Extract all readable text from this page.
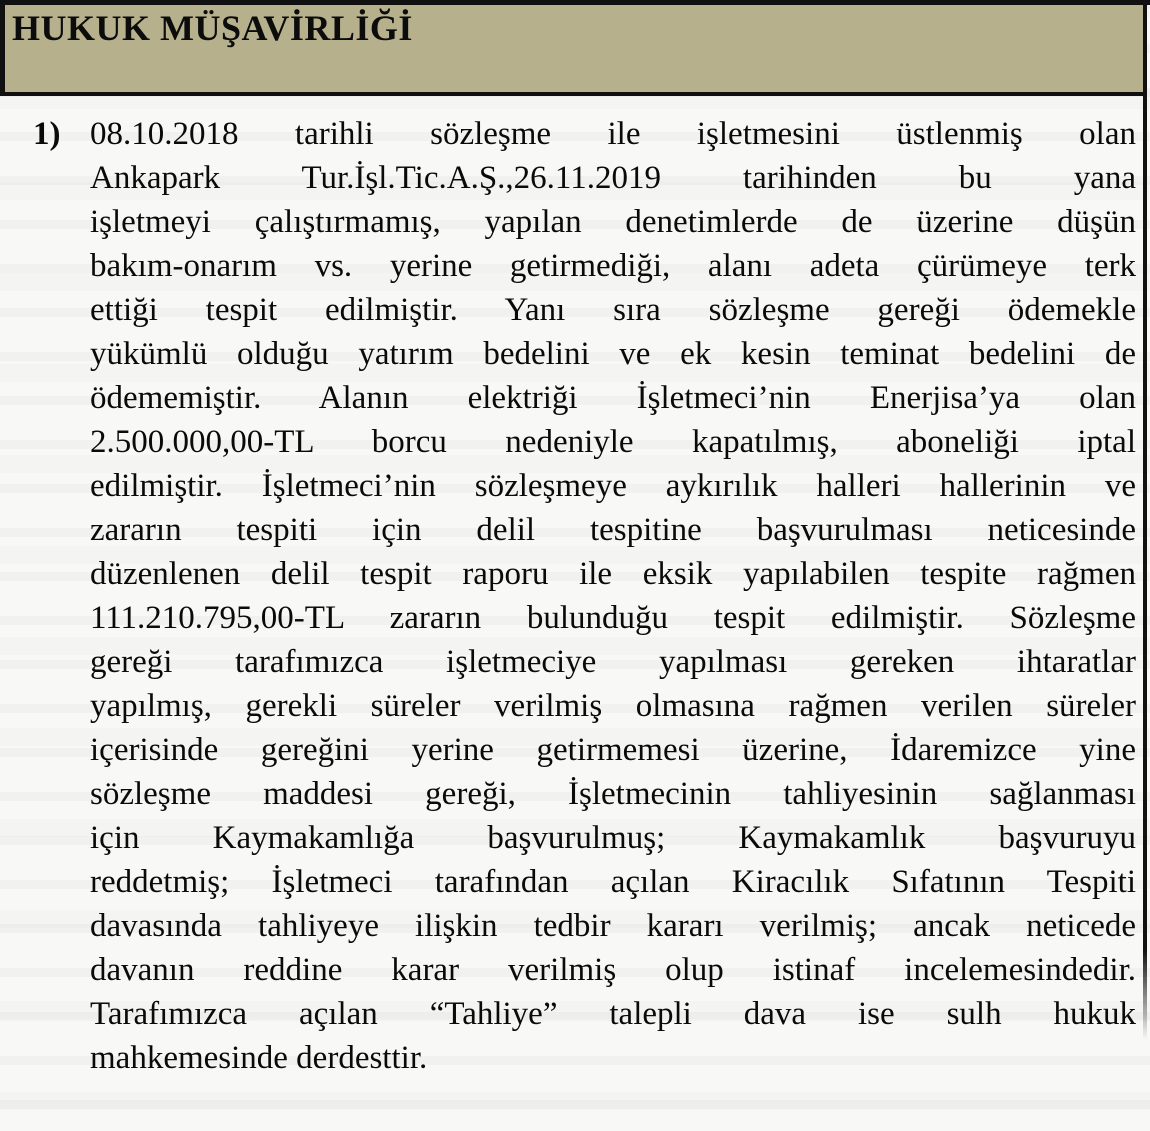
HUKUK MÜŞAVİRLİĞİ
1) 08.10.2018 tarihli sözleşme ile işletmesini üstlenmiş olan
Ankapark Tur.İşl.Tic.A.Ş.,26.11.2019 tarihinden bu yana
işletmeyi çalıştırmamış, yapılan denetimlerde de üzerine düşün
bakım-onarım vs. yerine getirmediği, alanı adeta çürümeye terk
ettiği tespit edilmiştir. Yanı sıra sözleşme gereği ödemekle
yükümlü olduğu yatırım bedelini ve ek kesin teminat bedelini de
ödememiştir. Alanın elektriği İşletmeci’nin Enerjisa’ya olan
2.500.000,00-TL borcu nedeniyle kapatılmış, aboneliği iptal
edilmiştir. İşletmeci’nin sözleşmeye aykırılık halleri hallerinin ve
zararın tespiti için delil tespitine başvurulması neticesinde
düzenlenen delil tespit raporu ile eksik yapılabilen tespite rağmen
111.210.795,00-TL zararın bulunduğu tespit edilmiştir. Sözleşme
gereği tarafımızca işletmeciye yapılması gereken ihtaratlar
yapılmış, gerekli süreler verilmiş olmasına rağmen verilen süreler
içerisinde gereğini yerine getirmemesi üzerine, İdaremizce yine
sözleşme maddesi gereği, İşletmecinin tahliyesinin sağlanması
için Kaymakamlığa başvurulmuş; Kaymakamlık başvuruyu
reddetmiş; İşletmeci tarafından açılan Kiracılık Sıfatının Tespiti
davasında tahliyeye ilişkin tedbir kararı verilmiş; ancak neticede
davanın reddine karar verilmiş olup istinaf incelemesindedir.
Tarafımızca açılan “Tahliye” talepli dava ise sulh hukuk
mahkemesinde derdesttir.
